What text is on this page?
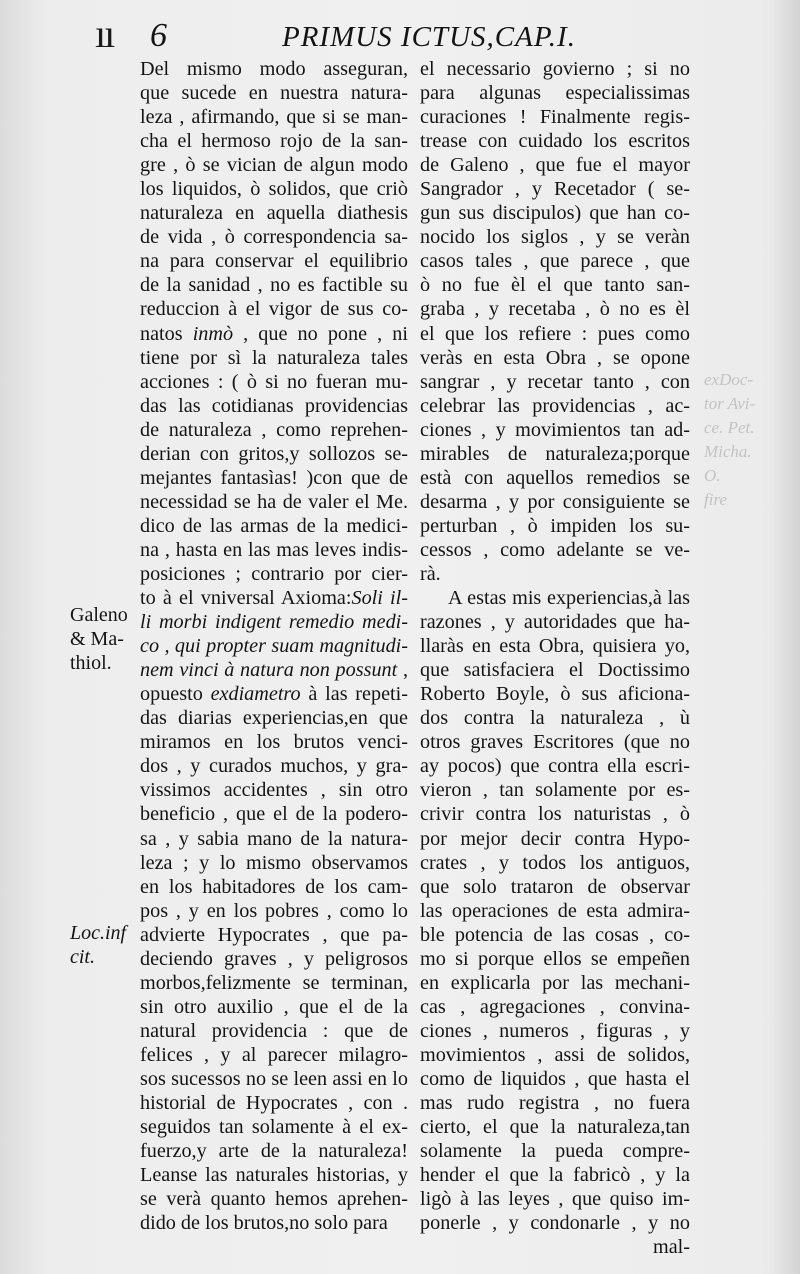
ıı 6	PRIMUS ICTUS,CAP.I.
Galeno
& Ma-
thiol.
Loc.inf
cit.
exDoc-
tor Avi-
ce. Pet.
Micha.
O.
fire
Del mismo modo asseguran,
que sucede en nuestra natura-
leza , afirmando, que si se man-
cha el hermoso rojo de la san-
gre , ò se vician de algun modo
los liquidos, ò solidos, que criò
naturaleza en aquella diathesis
de vida , ò correspondencia sa-
na para conservar el equilibrio
de la sanidad , no es factible su
reduccion à el vigor de sus co-
natos inmò , que no pone , ni
tiene por sì la naturaleza tales
acciones : ( ò si no fueran mu-
das las cotidianas providencias
de naturaleza , como reprehen-
derian con gritos,y sollozos se-
mejantes fantasìas! )con que de
necessidad se ha de valer el Me.
dico de las armas de la medici-
na , hasta en las mas leves indis-
posiciones ; contrario por cier-
to à el vniversal Axioma:Soli il-
li morbi indigent remedio medi-
co , qui propter suam magnitudi-
nem vinci à natura non possunt ,
opuesto exdiametro à las repeti-
das diarias experiencias,en que
miramos en los brutos venci-
dos , y curados muchos, y gra-
vissimos accidentes , sin otro
beneficio , que el de la podero-
sa , y sabia mano de la natura-
leza ; y lo mismo observamos
en los habitadores de los cam-
pos , y en los pobres , como lo
advierte Hypocrates , que pa-
deciendo graves , y peligrosos
morbos,felizmente se terminan,
sin otro auxilio , que el de la
natural providencia : que de
felices , y al parecer milagro-
sos sucessos no se leen assi en lo
historial de Hypocrates , con .
seguidos tan solamente à el ex-
fuerzo,y arte de la naturaleza!
Leanse las naturales historias, y
se verà quanto hemos aprehen-
dido de los brutos,no solo para
el necessario govierno ; si no
para algunas especialissimas
curaciones ! Finalmente regis-
trease con cuidado los escritos
de Galeno , que fue el mayor
Sangrador , y Recetador ( se-
gun sus discipulos) que han co-
nocido los siglos , y se veràn
casos tales , que parece , que
ò no fue èl el que tanto san-
graba , y recetaba , ò no es èl
el que los refiere : pues como
veràs en esta Obra , se opone
sangrar , y recetar tanto , con
celebrar las providencias , ac-
ciones , y movimientos tan ad-
mirables de naturaleza;porque
està con aquellos remedios se
desarma , y por consiguiente se
perturban , ò impiden los su-
cessos , como adelante se ve-
rà.
A estas mis experiencias,à las
razones , y autoridades que ha-
llaràs en esta Obra, quisiera yo,
que satisfaciera el Doctissimo
Roberto Boyle, ò sus aficiona-
dos contra la naturaleza , ù
otros graves Escritores (que no
ay pocos) que contra ella escri-
vieron , tan solamente por es-
crivir contra los naturistas , ò
por mejor decir contra Hypo-
crates , y todos los antiguos,
que solo trataron de observar
las operaciones de esta admira-
ble potencia de las cosas , co-
mo si porque ellos se empeñen
en explicarla por las mechani-
cas , agregaciones , convina-
ciones , numeros , figuras , y
movimientos , assi de solidos,
como de liquidos , que hasta el
mas rudo registra , no fuera
cierto, el que la naturaleza,tan
solamente la pueda compre-
hender el que la fabricò , y la
ligò à las leyes , que quiso im-
ponerle , y condonarle , y no
mal-
